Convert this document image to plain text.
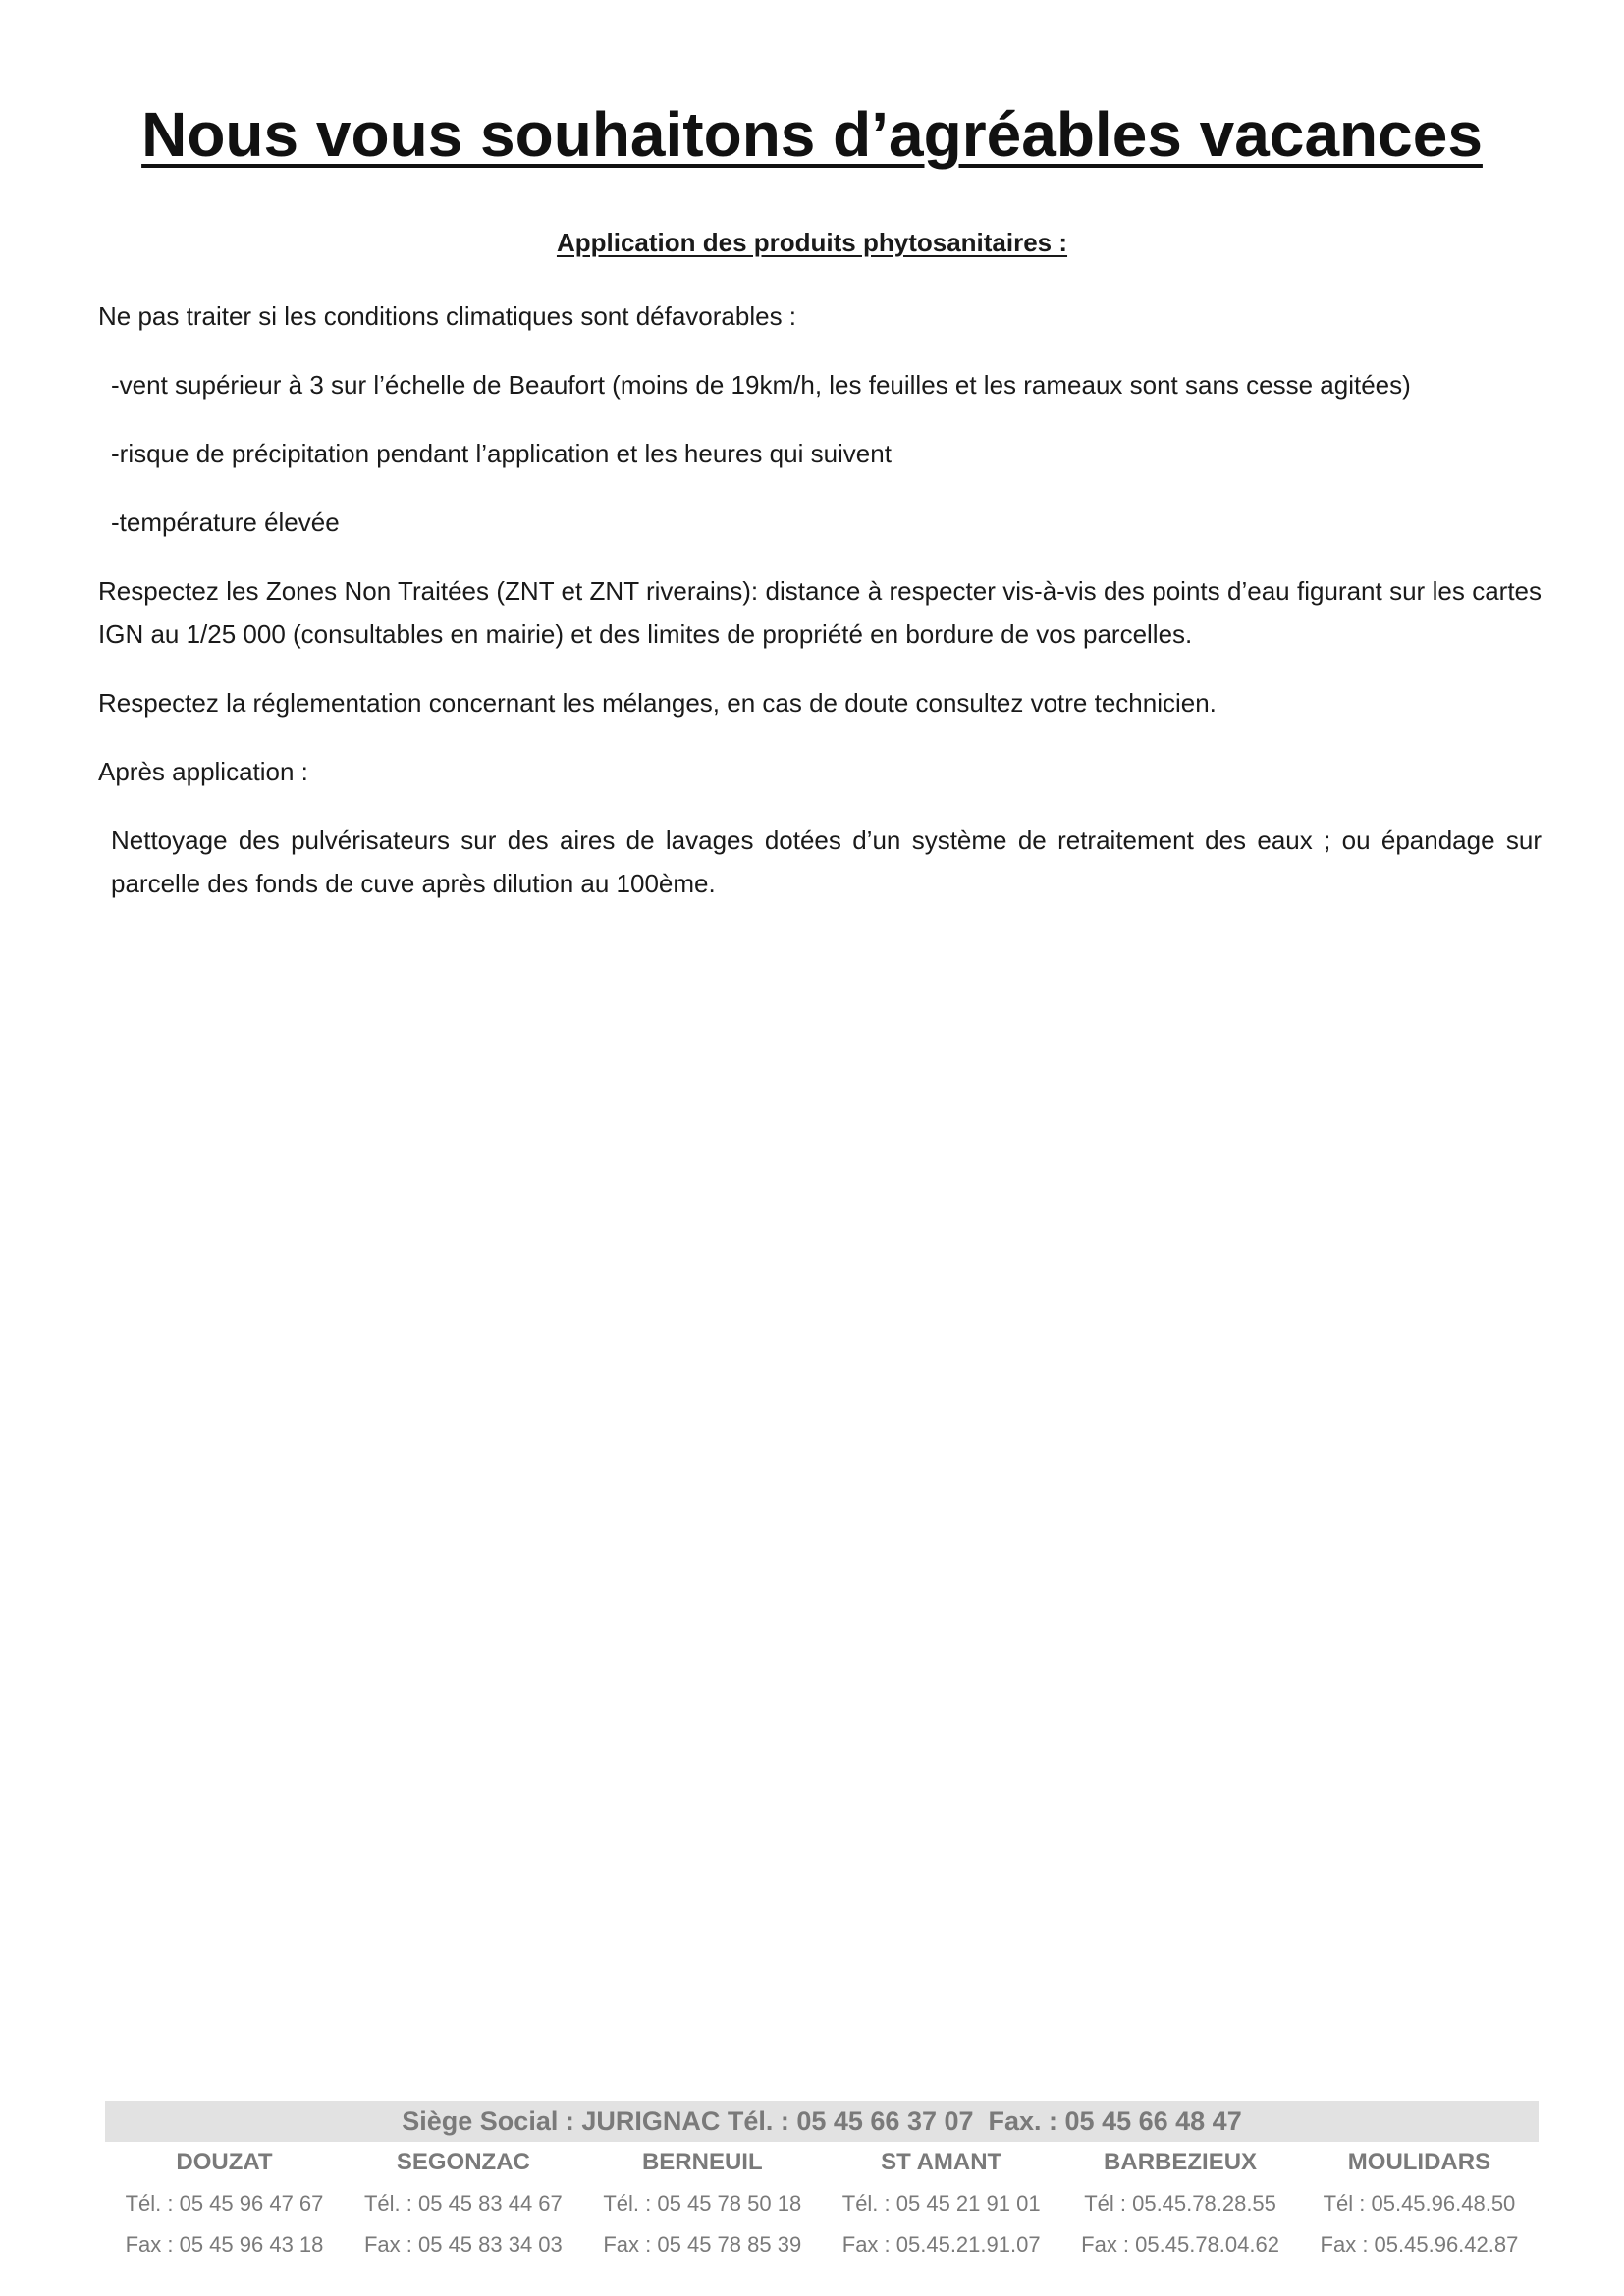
Nous vous souhaitons d’agréables vacances
Application des produits phytosanitaires :

Ne pas traiter si les conditions climatiques sont défavorables :

-vent supérieur à 3 sur l’échelle de Beaufort (moins de 19km/h, les feuilles et les rameaux sont sans cesse agitées)

-risque de précipitation pendant l’application et les heures qui suivent

-température élevée

Respectez les Zones Non Traitées (ZNT et ZNT riverains): distance à respecter vis-à-vis des points d’eau figurant sur les cartes IGN au 1/25 000 (consultables en mairie) et des limites de propriété en bordure de vos parcelles.

Respectez la réglementation concernant les mélanges, en cas de doute consultez votre technicien.

Après application :

Nettoyage des pulvérisateurs sur des aires de lavages dotées d’un système de retraitement des eaux ; ou épandage sur parcelle des fonds de cuve après dilution au 100ème.

Siège Social : JURIGNAC Tél. : 05 45 66 37 07  Fax. : 05 45 66 48 47
DOUZAT
Tél. : 05 45 96 47 67
Fax : 05 45 96 43 18
SEGONZAC
Tél. : 05 45 83 44 67
Fax : 05 45 83 34 03
BERNEUIL
Tél. : 05 45 78 50 18
Fax : 05 45 78 85 39
ST AMANT
Tél. : 05 45 21 91 01
Fax : 05.45.21.91.07
BARBEZIEUX
Tél : 05.45.78.28.55
Fax : 05.45.78.04.62
MOULIDARS
Tél : 05.45.96.48.50
Fax : 05.45.96.42.87
